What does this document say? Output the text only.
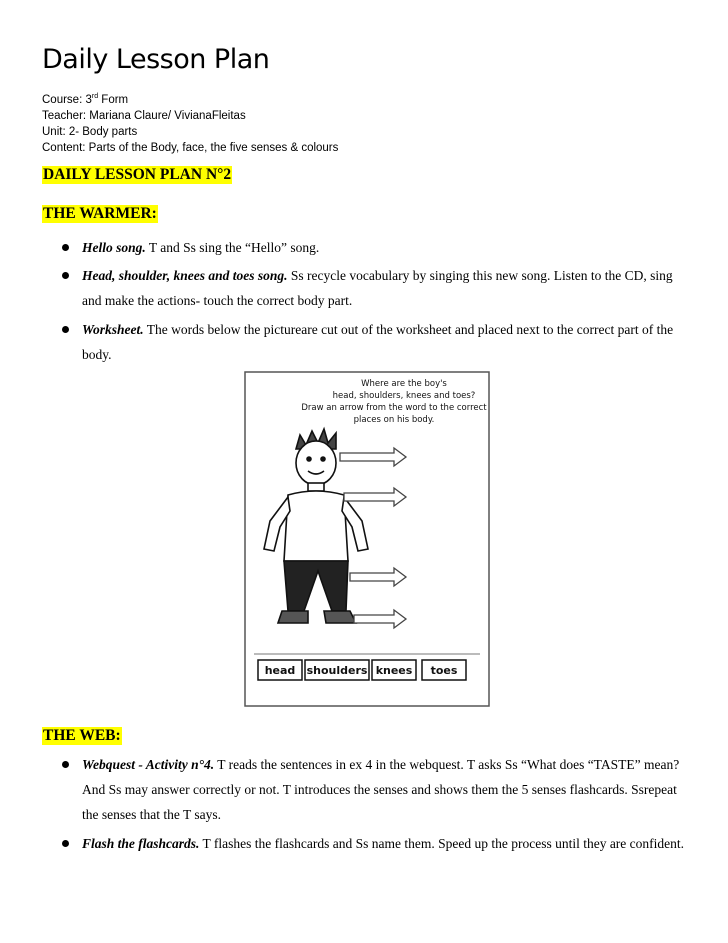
Daily Lesson Plan
Course: 3rd Form
Teacher: Mariana Claure/ VivianaFleitas
Unit: 2- Body parts
Content: Parts of the Body, face, the five senses & colours
DAILY LESSON PLAN N°2
THE WARMER:
Hello song. T and Ss sing the “Hello” song.
Head, shoulder, knees and toes song. Ss recycle vocabulary by singing this new song. Listen to the CD, sing and make the actions- touch the correct body part.
Worksheet. The words below the pictureare cut out of the worksheet and placed next to the correct part of the body.
Where are the boy's
head, shoulders, knees and toes?
Draw an arrow from the word to the correct
places on his body.
head shoulders knees toes
THE WEB:
Webquest - Activity n°4. T reads the sentences in ex 4 in the webquest. T asks Ss “What does “TASTE” mean? And Ss may answer correctly or not. T introduces the senses and shows them the 5 senses flashcards. Ssrepeat the senses that the T says.
Flash the flashcards. T flashes the flashcards and Ss name them. Speed up the process until they are confident.
